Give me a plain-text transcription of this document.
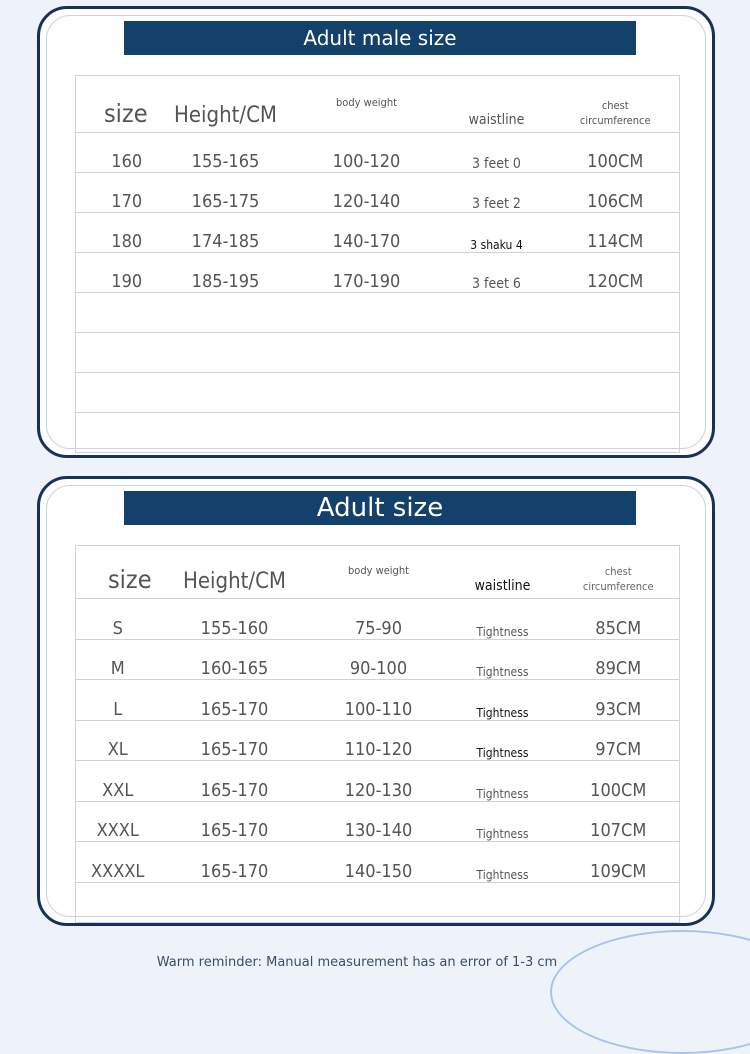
Adult male size
size	Height/CM	body weight	waistline	chest
circumference
160	155-165	100-120	3 feet 0	100CM
170	165-175	120-140	3 feet 2	106CM
180	174-185	140-170	3 shaku 4	114CM
190	185-195	170-190	3 feet 6	120CM

Adult size
size	Height/CM	body weight	waistline	chest
circumference
S	155-160	75-90	Tightness	85CM
M	160-165	90-100	Tightness	89CM
L	165-170	100-110	Tightness	93CM
XL	165-170	110-120	Tightness	97CM
XXL	165-170	120-130	Tightness	100CM
XXXL	165-170	130-140	Tightness	107CM
XXXXL	165-170	140-150	Tightness	109CM

Warm reminder: Manual measurement has an error of 1-3 cm
